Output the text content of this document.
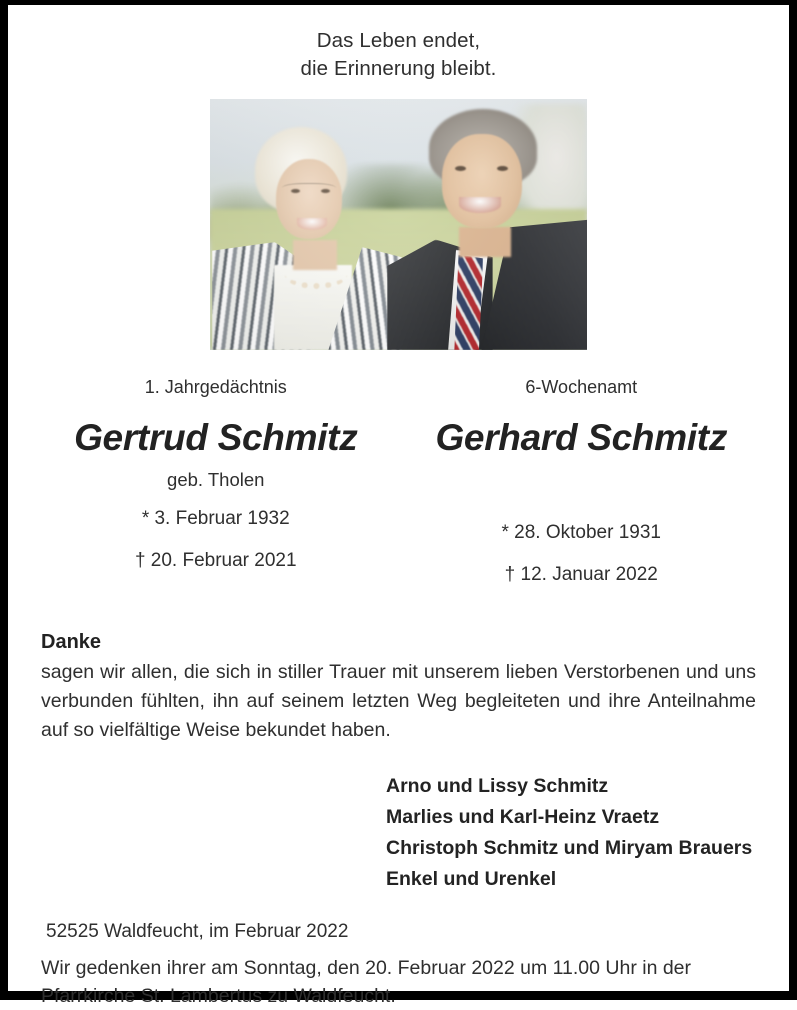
Das Leben endet,
die Erinnerung bleibt.
1. Jahrgedächtnis
Gertrud Schmitz
geb. Tholen
* 3. Februar 1932
† 20. Februar 2021
6-Wochenamt
Gerhard Schmitz
* 28. Oktober 1931
† 12. Januar 2022
Danke
sagen wir allen, die sich in stiller Trauer mit unserem lieben Verstorbenen und uns verbunden fühlten, ihn auf seinem letzten Weg begleiteten und ihre Anteilnahme auf so vielfältige Weise bekundet haben.
Arno und Lissy Schmitz
Marlies und Karl-Heinz Vraetz
Christoph Schmitz und Miryam Brauers
Enkel und Urenkel
52525 Waldfeucht, im Februar 2022
Wir gedenken ihrer am Sonntag, den 20. Februar 2022 um 11.00 Uhr in der Pfarrkirche St. Lambertus zu Waldfeucht.
